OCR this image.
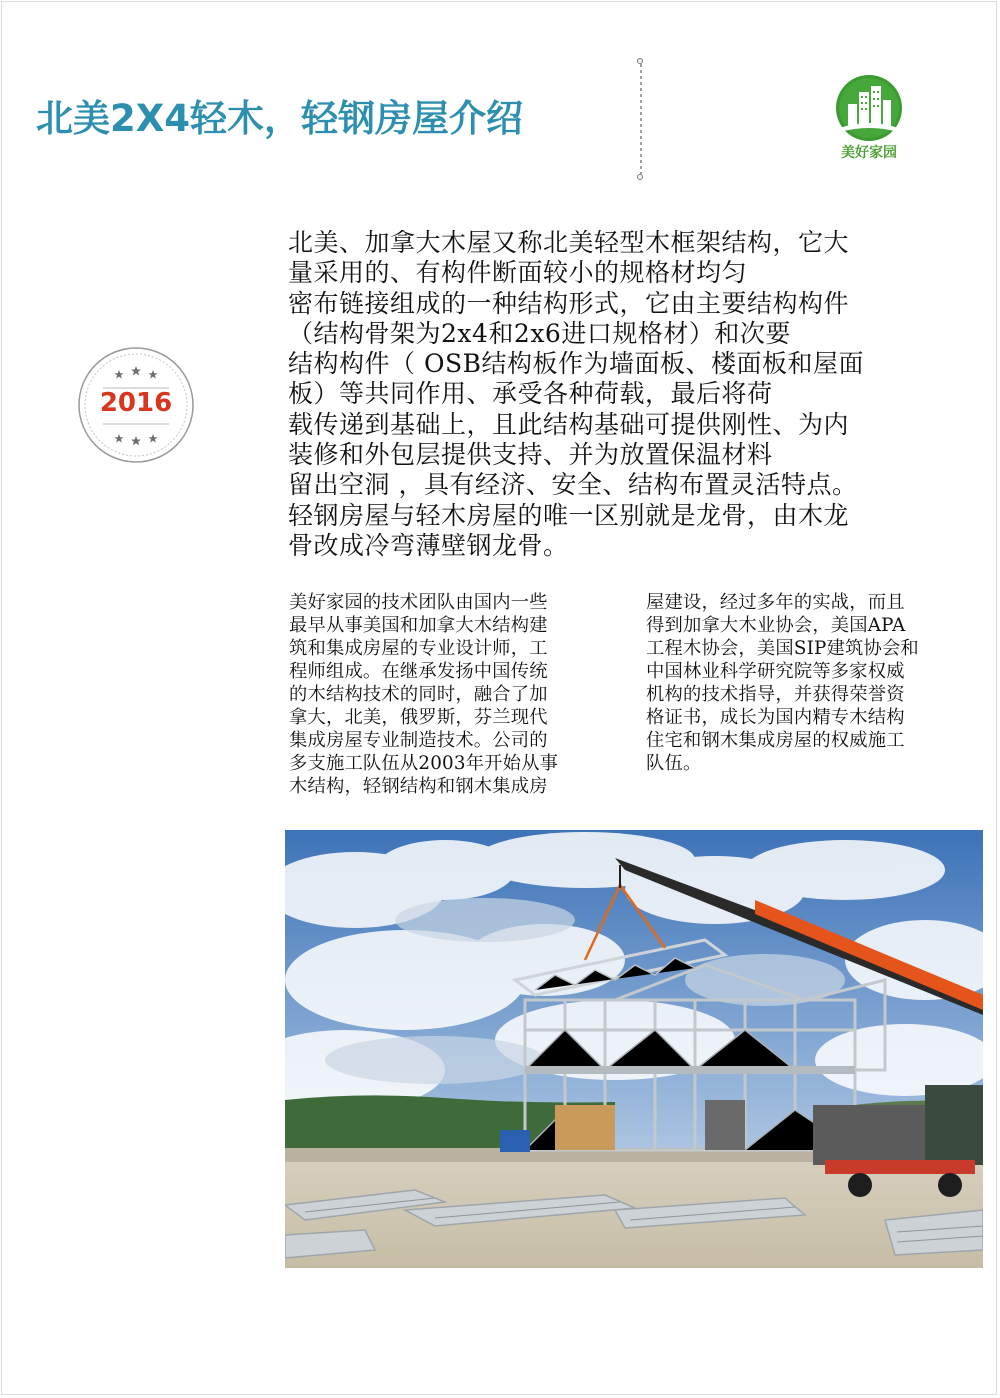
北美2X4轻木，轻钢房屋介绍
美好家园
2016
北美、加拿大木屋又称北美轻型木框架结构，它大
量采用的、有构件断面较小的规格材均匀
密布链接组成的一种结构形式，它由主要结构构件
（结构骨架为2x4和2x6进口规格材）和次要
结构构件（ OSB结构板作为墙面板、楼面板和屋面
板）等共同作用、承受各种荷载，最后将荷
载传递到基础上，且此结构基础可提供刚性、为内
装修和外包层提供支持、并为放置保温材料
留出空洞 ，具有经济、安全、结构布置灵活特点。
轻钢房屋与轻木房屋的唯一区别就是龙骨，由木龙
骨改成冷弯薄壁钢龙骨。
美好家园的技术团队由国内一些
最早从事美国和加拿大木结构建
筑和集成房屋的专业设计师，工
程师组成。在继承发扬中国传统
的木结构技术的同时，融合了加
拿大，北美，俄罗斯，芬兰现代
集成房屋专业制造技术。公司的
多支施工队伍从2003年开始从事
木结构，轻钢结构和钢木集成房
屋建设，经过多年的实战，而且
得到加拿大木业协会，美国APA
工程木协会，美国SIP建筑协会和
中国林业科学研究院等多家权威
机构的技术指导，并获得荣誉资
格证书，成长为国内精专木结构
住宅和钢木集成房屋的权威施工
队伍。
